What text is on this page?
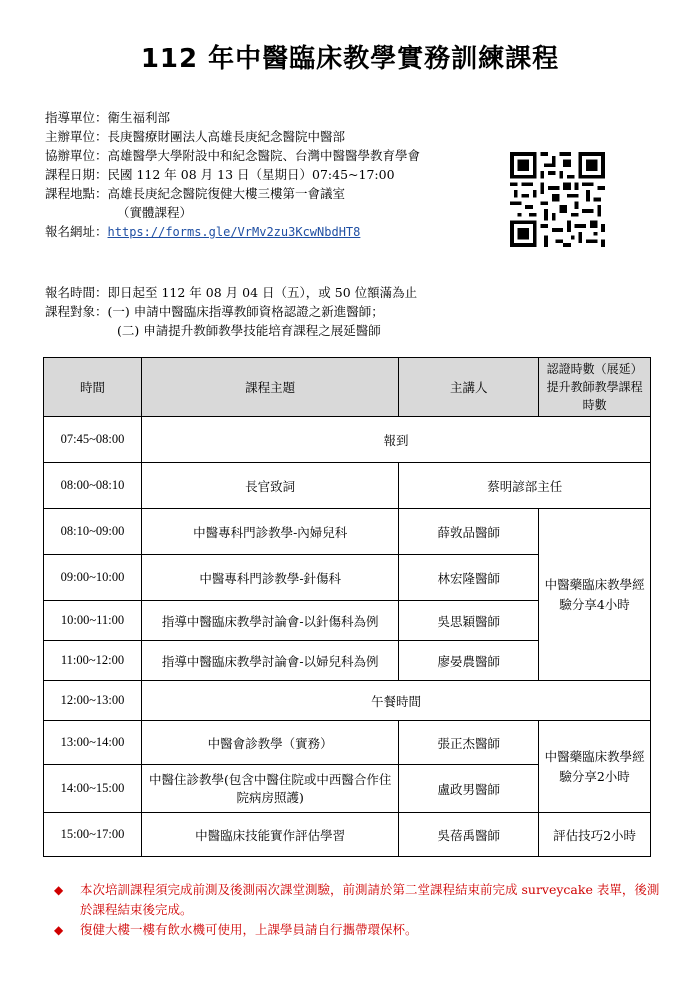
112 年中醫臨床教學實務訓練課程
指導單位：衛生福利部
主辦單位：長庚醫療財團法人高雄長庚紀念醫院中醫部
協辦單位：高雄醫學大學附設中和紀念醫院、台灣中醫醫學教育學會
課程日期：民國 112 年 08 月 13 日（星期日）07:45~17:00
課程地點：高雄長庚紀念醫院復健大樓三樓第一會議室
（實體課程）
報名網址：https://forms.gle/VrMv2zu3KcwNbdHT8
報名時間：即日起至 112 年 08 月 04 日（五），或 50 位額滿為止
課程對象：(一) 申請中醫臨床指導教師資格認證之新進醫師；
(二) 申請提升教師教學技能培育課程之展延醫師
時間	課程主題	主講人	認證時數（展延）提升教師教學課程時數
07:45~08:00	報到		
08:00~08:10	長官致詞	蔡明諺部主任	
08:10~09:00	中醫專科門診教學-內婦兒科	薛敦品醫師	中醫藥臨床教學經驗分享4小時
09:00~10:00	中醫專科門診教學-針傷科	林宏隆醫師	
10:00~11:00	指導中醫臨床教學討論會-以針傷科為例	吳思穎醫師	
11:00~12:00	指導中醫臨床教學討論會-以婦兒科為例	廖晏農醫師	
12:00~13:00	午餐時間		
13:00~14:00	中醫會診教學（實務）	張正杰醫師	中醫藥臨床教學經驗分享2小時
14:00~15:00	中醫住診教學(包含中醫住院或中西醫合作住院病房照護)	盧政男醫師	
15:00~17:00	中醫臨床技能實作評估學習	吳蓓禹醫師	評估技巧2小時
◆ 本次培訓課程須完成前測及後測兩次課堂測驗，前測請於第二堂課程結束前完成 surveycake 表單，後測於課程結束後完成。
◆ 復健大樓一樓有飲水機可使用，上課學員請自行攜帶環保杯。
